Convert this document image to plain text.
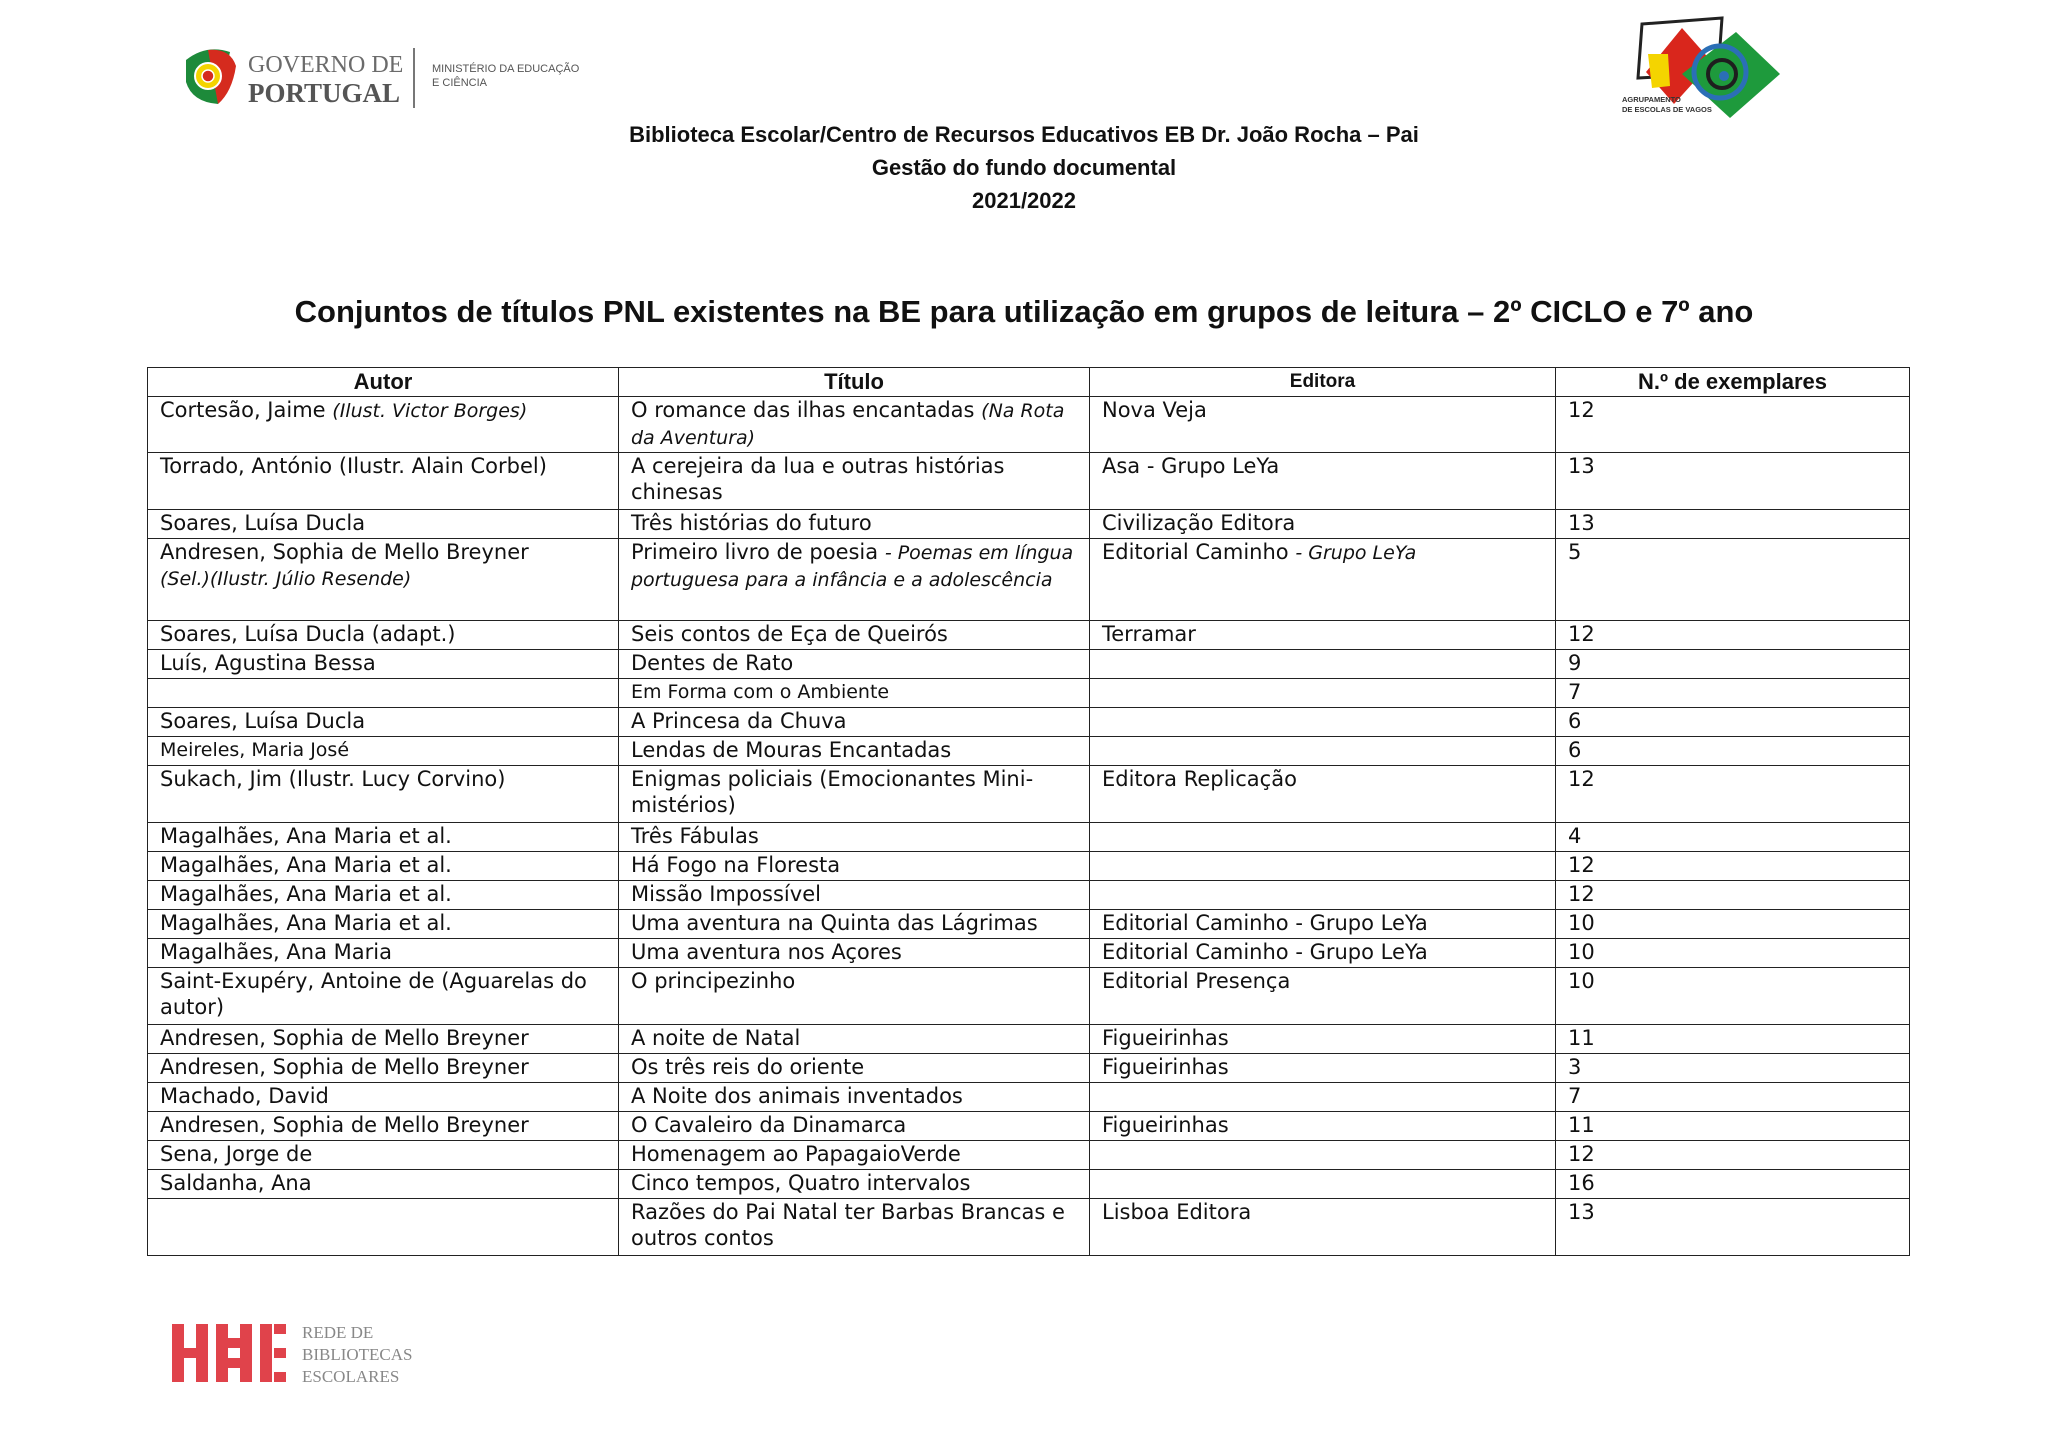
GOVERNO DE
PORTUGAL
MINISTÉRIO DA EDUCAÇÃO
E CIÊNCIA
AGRUPAMENTO
DE ESCOLAS DE VAGOS
Biblioteca Escolar/Centro de Recursos Educativos EB Dr. João Rocha – Pai
Gestão do fundo documental
2021/2022
Conjuntos de títulos PNL existentes na BE para utilização em grupos de leitura – 2º CICLO e 7º ano
Autor	Título	Editora	N.º de exemplares
Cortesão, Jaime (Ilust. Victor Borges)	O romance das ilhas encantadas (Na Rota da Aventura)	Nova Veja	12
Torrado, António (Ilustr. Alain Corbel)	A cerejeira da lua e outras histórias chinesas	Asa - Grupo LeYa	13
Soares, Luísa Ducla	Três histórias do futuro	Civilização Editora	13
Andresen, Sophia de Mello Breyner
(Sel.)(Ilustr. Júlio Resende)	Primeiro livro de poesia - Poemas em língua portuguesa para a infância e a adolescência	Editorial Caminho - Grupo LeYa	5
Soares, Luísa Ducla (adapt.)	Seis contos de Eça de Queirós	Terramar	12
Luís, Agustina Bessa	Dentes de Rato		9
	Em Forma com o Ambiente		7
Soares, Luísa Ducla	A Princesa da Chuva		6
Meireles, Maria José	Lendas de Mouras Encantadas		6
Sukach, Jim (Ilustr. Lucy Corvino)	Enigmas policiais (Emocionantes Mini-mistérios)	Editora Replicação	12
Magalhães, Ana Maria et al.	Três Fábulas		4
Magalhães, Ana Maria et al.	Há Fogo na Floresta		12
Magalhães, Ana Maria et al.	Missão Impossível		12
Magalhães, Ana Maria et al.	Uma aventura na Quinta das Lágrimas	Editorial Caminho - Grupo LeYa	10
Magalhães, Ana Maria	Uma aventura nos Açores	Editorial Caminho - Grupo LeYa	10
Saint-Exupéry, Antoine de (Aguarelas do autor)	O principezinho	Editorial Presença	10
Andresen, Sophia de Mello Breyner	A noite de Natal	Figueirinhas	11
Andresen, Sophia de Mello Breyner	Os três reis do oriente	Figueirinhas	3
Machado, David	A Noite dos animais inventados		7
Andresen, Sophia de Mello Breyner	O Cavaleiro da Dinamarca	Figueirinhas	11
Sena, Jorge de	Homenagem ao PapagaioVerde		12
Saldanha, Ana	Cinco tempos, Quatro intervalos		16
	Razões do Pai Natal ter Barbas Brancas e outros contos	Lisboa Editora	13
REDE DE
BIBLIOTECAS
ESCOLARES
